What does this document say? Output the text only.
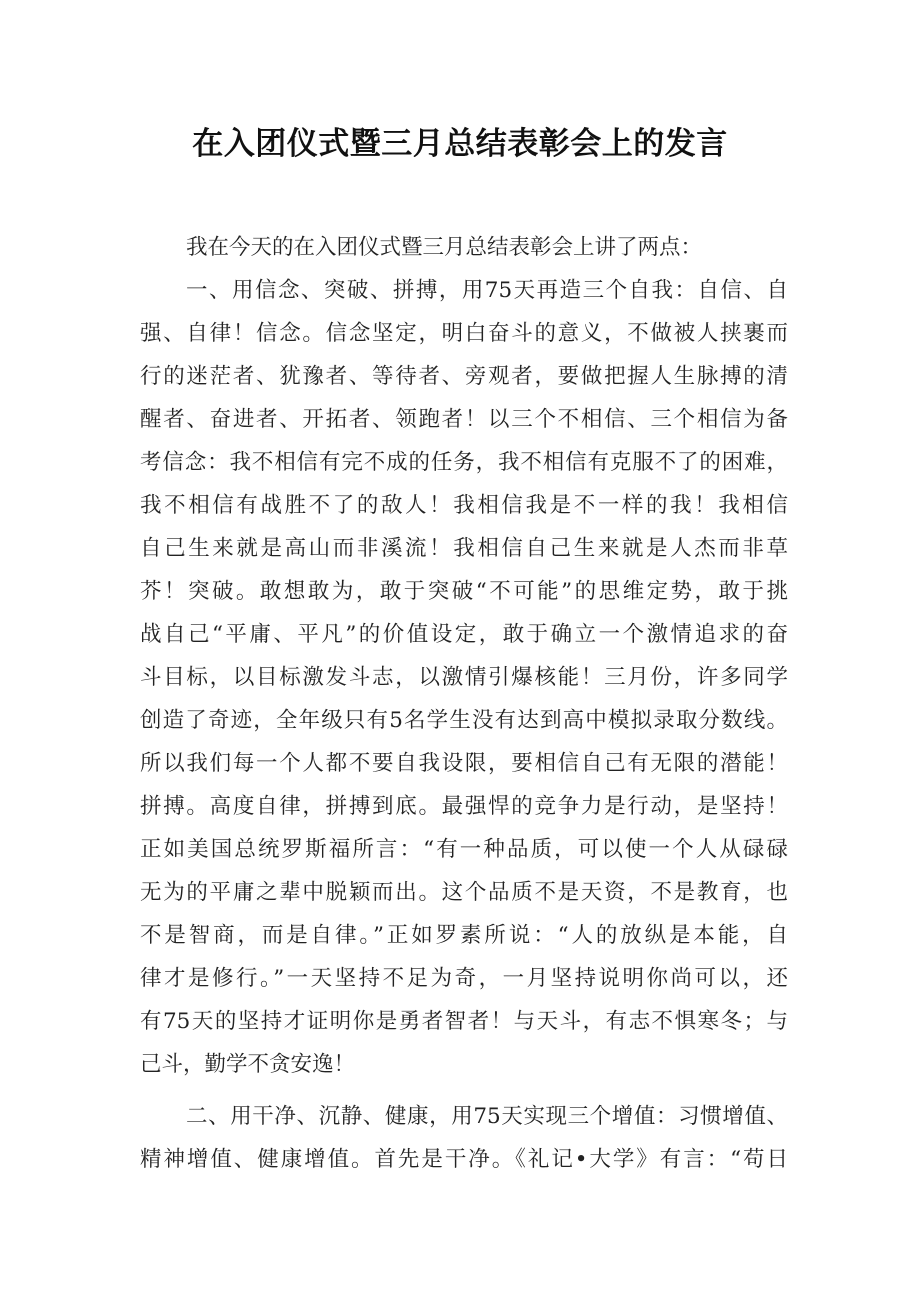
在入团仪式暨三月总结表彰会上的发言
我在今天的在入团仪式暨三月总结表彰会上讲了两点：
一、用信念、突破、拼搏，用75天再造三个自我：自信、自
强、自律！信念。信念坚定，明白奋斗的意义，不做被人挟裹而
行的迷茫者、犹豫者、等待者、旁观者，要做把握人生脉搏的清
醒者、奋进者、开拓者、领跑者！以三个不相信、三个相信为备
考信念：我不相信有完不成的任务，我不相信有克服不了的困难，
我不相信有战胜不了的敌人！我相信我是不一样的我！我相信
自己生来就是高山而非溪流！我相信自己生来就是人杰而非草
芥！突破。敢想敢为，敢于突破“不可能”的思维定势，敢于挑
战自己“平庸、平凡”的价值设定，敢于确立一个激情追求的奋
斗目标，以目标激发斗志，以激情引爆核能！三月份，许多同学
创造了奇迹，全年级只有5名学生没有达到高中模拟录取分数线。
所以我们每一个人都不要自我设限，要相信自己有无限的潜能！
拼搏。高度自律，拼搏到底。最强悍的竞争力是行动，是坚持！
正如美国总统罗斯福所言：“有一种品质，可以使一个人从碌碌
无为的平庸之辈中脱颖而出。这个品质不是天资，不是教育，也
不是智商，而是自律。”正如罗素所说：“人的放纵是本能，自
律才是修行。”一天坚持不足为奇，一月坚持说明你尚可以，还
有75天的坚持才证明你是勇者智者！与天斗，有志不惧寒冬；与
己斗，勤学不贪安逸！
二、用干净、沉静、健康，用75天实现三个增值：习惯增值、
精神增值、健康增值。首先是干净。《礼记•大学》有言：“苟日
